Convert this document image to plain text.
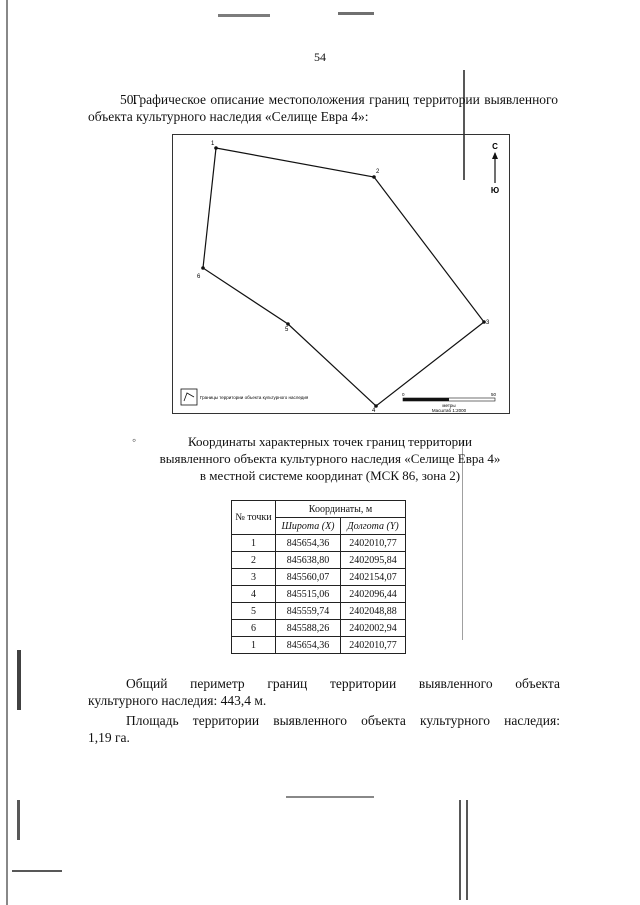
54
50. Графическое описание местоположения границ территории выявленного объекта культурного наследия «Селище Евра 4»:
1
2
3
4
5
6
С
Ю
Границы территории объекта культурного наследия
0	50
метры
Масштаб 1:2000
◦	Координаты характерных точек границ территории
выявленного объекта культурного наследия «Селище Евра 4»
в местной системе координат (МСК 86, зона 2)
№ точки	Координаты, м	
	Широта (X)	Долгота (Y)
1	845654,36	2402010,77
2	845638,80	2402095,84
3	845560,07	2402154,07
4	845515,06	2402096,44
5	845559,74	2402048,88
6	845588,26	2402002,94
1	845654,36	2402010,77
Общий периметр границ территории выявленного объекта
культурного наследия: 443,4 м.
Площадь территории выявленного объекта культурного наследия:
1,19 га.
